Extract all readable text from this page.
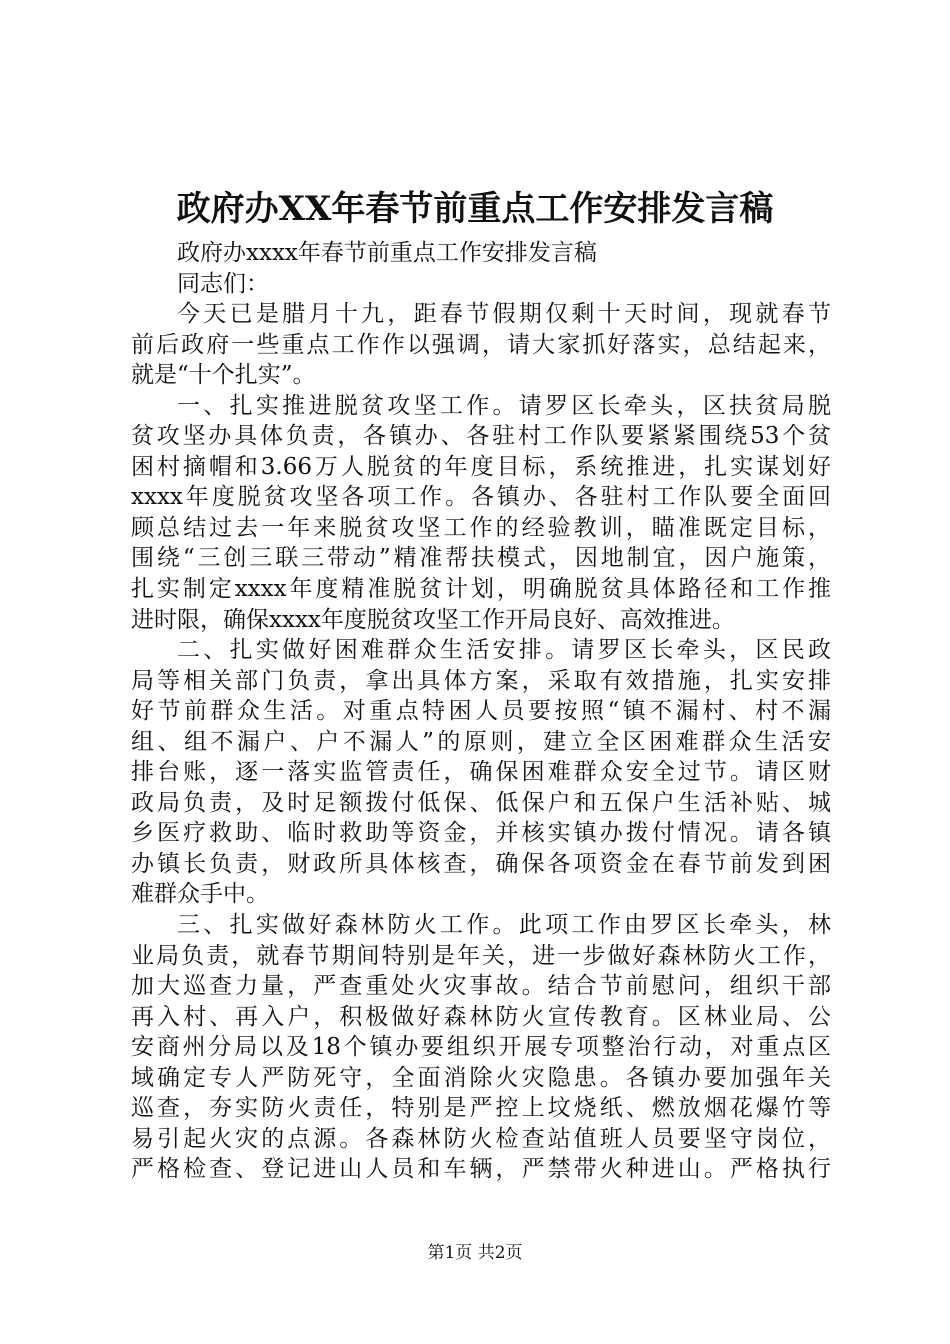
政府办XX年春节前重点工作安排发言稿
政府办xxxx年春节前重点工作安排发言稿
同志们：
今天已是腊月十九，距春节假期仅剩十天时间，现就春节
前后政府一些重点工作作以强调，请大家抓好落实，总结起来，
就是“十个扎实”。
一、扎实推进脱贫攻坚工作。请罗区长牵头，区扶贫局脱
贫攻坚办具体负责，各镇办、各驻村工作队要紧紧围绕53个贫
困村摘帽和3.66万人脱贫的年度目标，系统推进，扎实谋划好
xxxx年度脱贫攻坚各项工作。各镇办、各驻村工作队要全面回
顾总结过去一年来脱贫攻坚工作的经验教训，瞄准既定目标，
围绕“三创三联三带动”精准帮扶模式，因地制宜，因户施策，
扎实制定xxxx年度精准脱贫计划，明确脱贫具体路径和工作推
进时限，确保xxxx年度脱贫攻坚工作开局良好、高效推进。
二、扎实做好困难群众生活安排。请罗区长牵头，区民政
局等相关部门负责，拿出具体方案，采取有效措施，扎实安排
好节前群众生活。对重点特困人员要按照“镇不漏村、村不漏
组、组不漏户、户不漏人”的原则，建立全区困难群众生活安
排台账，逐一落实监管责任，确保困难群众安全过节。请区财
政局负责，及时足额拨付低保、低保户和五保户生活补贴、城
乡医疗救助、临时救助等资金，并核实镇办拨付情况。请各镇
办镇长负责，财政所具体核查，确保各项资金在春节前发到困
难群众手中。
三、扎实做好森林防火工作。此项工作由罗区长牵头，林
业局负责，就春节期间特别是年关，进一步做好森林防火工作，
加大巡查力量，严查重处火灾事故。结合节前慰问，组织干部
再入村、再入户，积极做好森林防火宣传教育。区林业局、公
安商州分局以及18个镇办要组织开展专项整治行动，对重点区
域确定专人严防死守，全面消除火灾隐患。各镇办要加强年关
巡查，夯实防火责任，特别是严控上坟烧纸、燃放烟花爆竹等
易引起火灾的点源。各森林防火检查站值班人员要坚守岗位，
严格检查、登记进山人员和车辆，严禁带火种进山。严格执行
第1页 共2页
